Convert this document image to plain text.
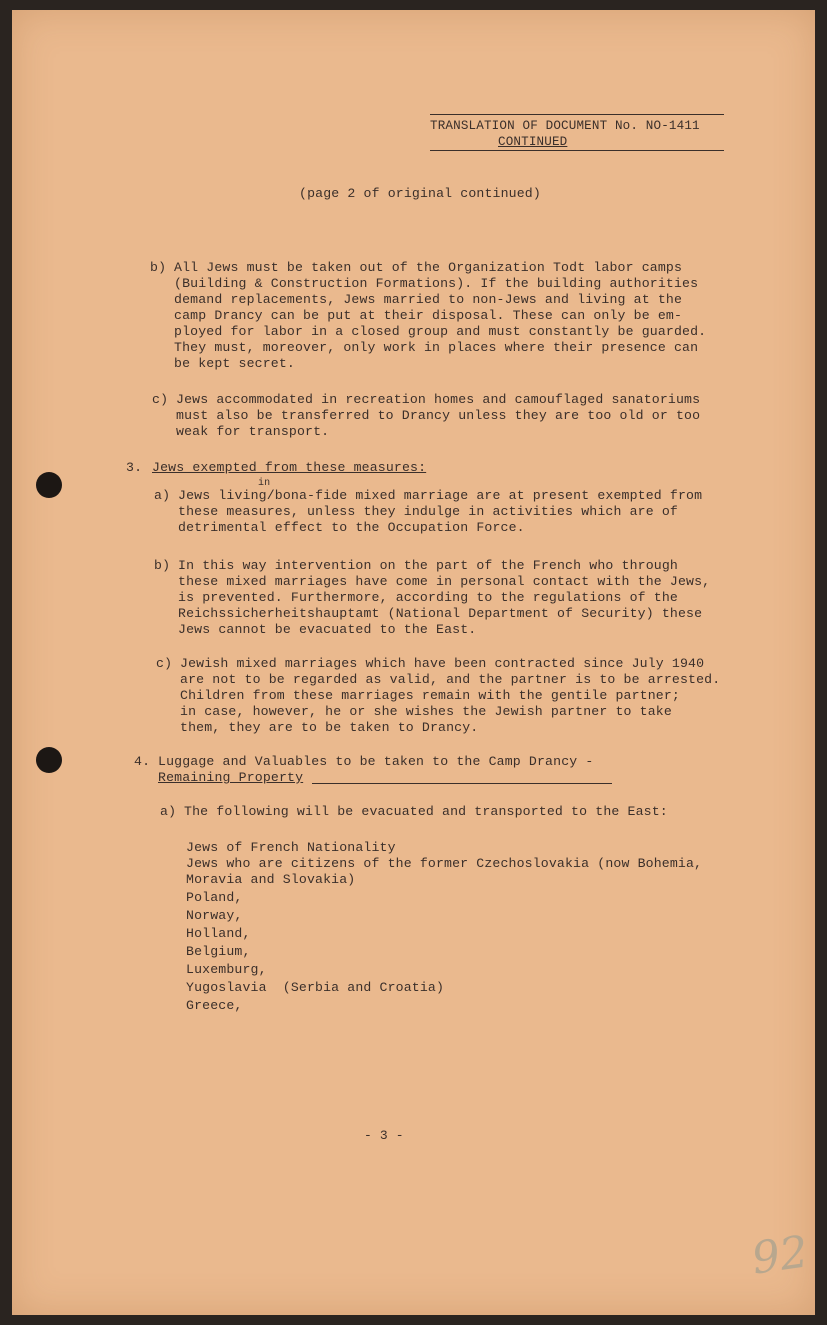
TRANSLATION OF DOCUMENT No. NO-1411
CONTINUED
(page 2 of original continued)
b) All Jews must be taken out of the Organization Todt labor camps
(Building & Construction Formations). If the building authorities
demand replacements, Jews married to non-Jews and living at the
camp Drancy can be put at their disposal. These can only be em-
ployed for labor in a closed group and must constantly be guarded.
They must, moreover, only work in places where their presence can
be kept secret.
c) Jews accommodated in recreation homes and camouflaged sanatoriums
must also be transferred to Drancy unless they are too old or too
weak for transport.
3. Jews exempted from these measures:
in
a) Jews living/bona-fide mixed marriage are at present exempted from
these measures, unless they indulge in activities which are of
detrimental effect to the Occupation Force.
b) In this way intervention on the part of the French who through
these mixed marriages have come in personal contact with the Jews,
is prevented. Furthermore, according to the regulations of the
Reichssicherheitshauptamt (National Department of Security) these
Jews cannot be evacuated to the East.
c) Jewish mixed marriages which have been contracted since July 1940
are not to be regarded as valid, and the partner is to be arrested.
Children from these marriages remain with the gentile partner;
in case, however, he or she wishes the Jewish partner to take
them, they are to be taken to Drancy.
4. Luggage and Valuables to be taken to the Camp Drancy -
Remaining Property
a) The following will be evacuated and transported to the East:
Jews of French Nationality
Jews who are citizens of the former Czechoslovakia (now Bohemia,
Moravia and Slovakia)
Poland,
Norway,
Holland,
Belgium,
Luxemburg,
Yugoslavia  (Serbia and Croatia)
Greece,
- 3 -
92
